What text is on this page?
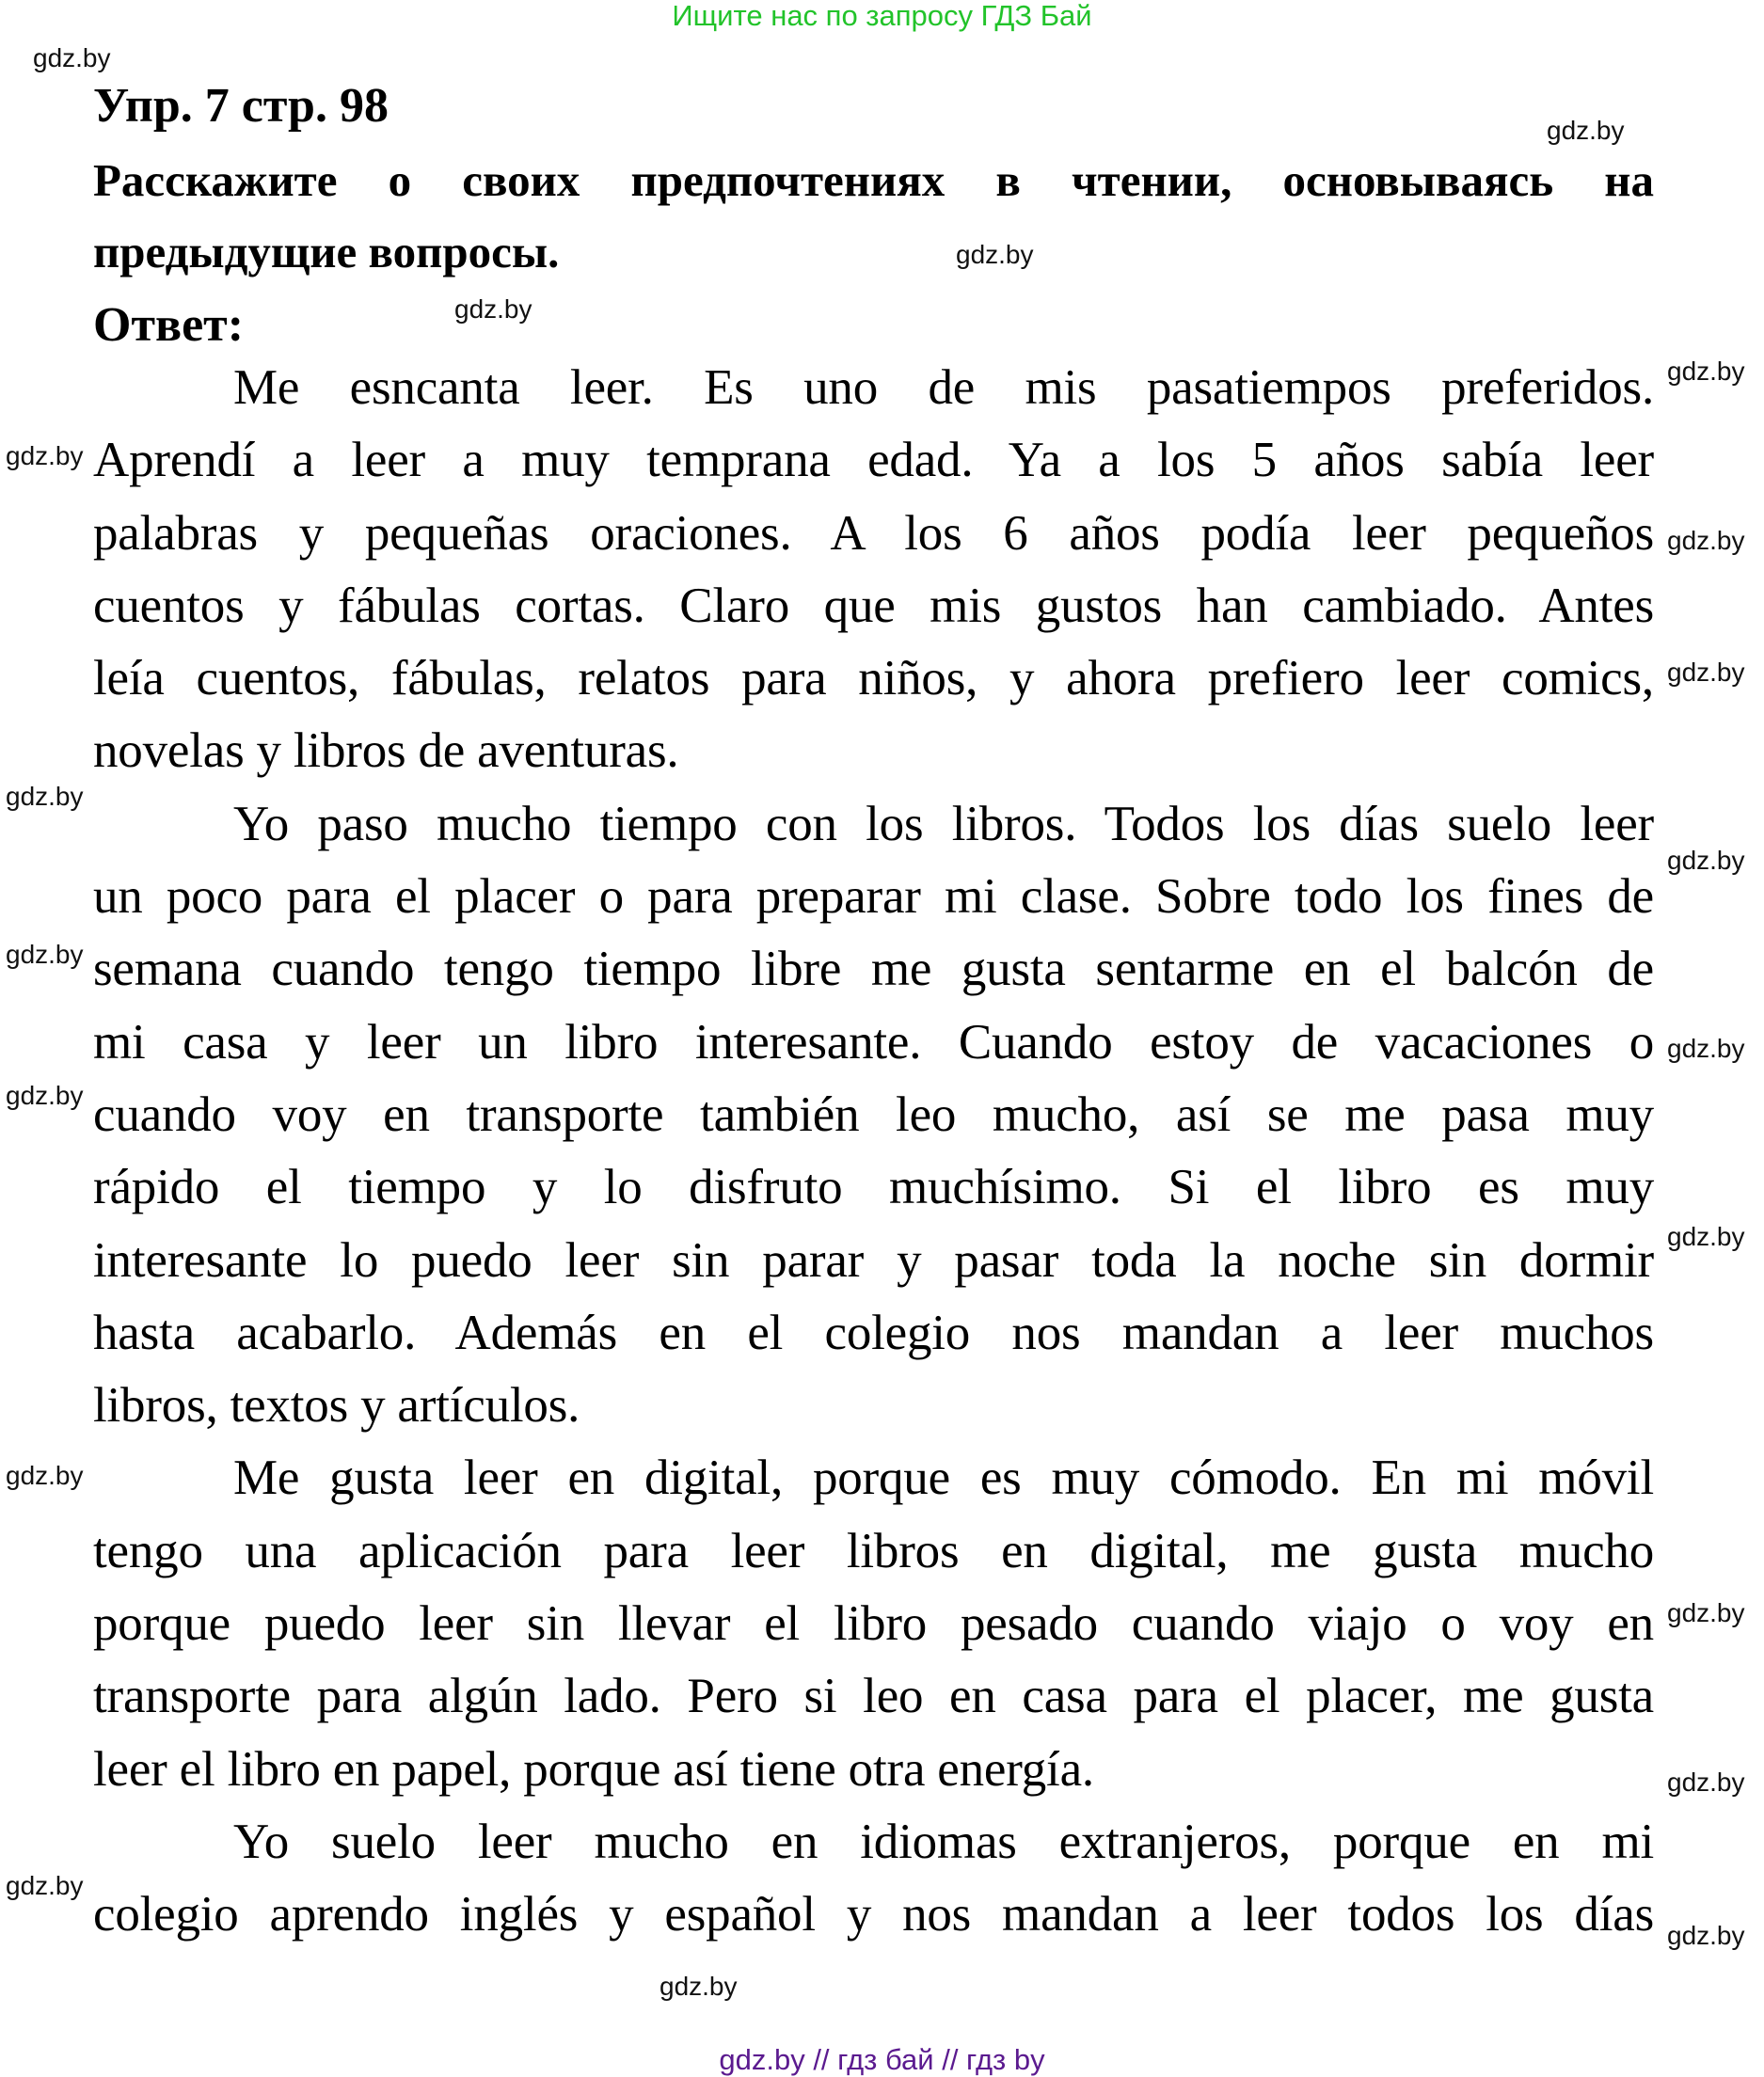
Ищите нас по запросу ГДЗ Бай
Упр. 7 стр. 98
Расскажите о своих предпочтениях в чтении, основываясь на
предыдущие вопросы.
Ответ:
Me esncanta leer. Es uno de mis pasatiempos preferidos.
Aprendí a leer a muy temprana edad. Ya a los 5 años sabía leer
palabras y pequeñas oraciones. A los 6 años podía leer pequeños
cuentos y fábulas cortas. Claro que mis gustos han cambiado. Antes
leía cuentos, fábulas, relatos para niños, y ahora prefiero leer comics,
novelas y libros de aventuras.
Yo paso mucho tiempo con los libros. Todos los días suelo leer
un poco para el placer o para preparar mi clase. Sobre todo los fines de
semana cuando tengo tiempo libre me gusta sentarme en el balcón de
mi casa y leer un libro interesante. Cuando estoy de vacaciones o
cuando voy en transporte también leo mucho, así se me pasa muy
rápido el tiempo y lo disfruto muchísimo. Si el libro es muy
interesante lo puedo leer sin parar y pasar toda la noche sin dormir
hasta acabarlo. Además en el colegio nos mandan a leer muchos
libros, textos y artículos.
Me gusta leer en digital, porque es muy cómodo. En mi móvil
tengo una aplicación para leer libros en digital, me gusta mucho
porque puedo leer sin llevar el libro pesado cuando viajo o voy en
transporte para algún lado. Pero si leo en casa para el placer, me gusta
leer el libro en papel, porque así tiene otra energía.
Yo suelo leer mucho en idiomas extranjeros, porque en mi
colegio aprendo inglés y español y nos mandan a leer todos los días
gdz.by
gdz.by
gdz.by
gdz.by
gdz.by
gdz.by
gdz.by
gdz.by
gdz.by
gdz.by
gdz.by
gdz.by
gdz.by
gdz.by
gdz.by
gdz.by
gdz.by
gdz.by
gdz.by
gdz.by
gdz.by // гдз бай // гдз by
